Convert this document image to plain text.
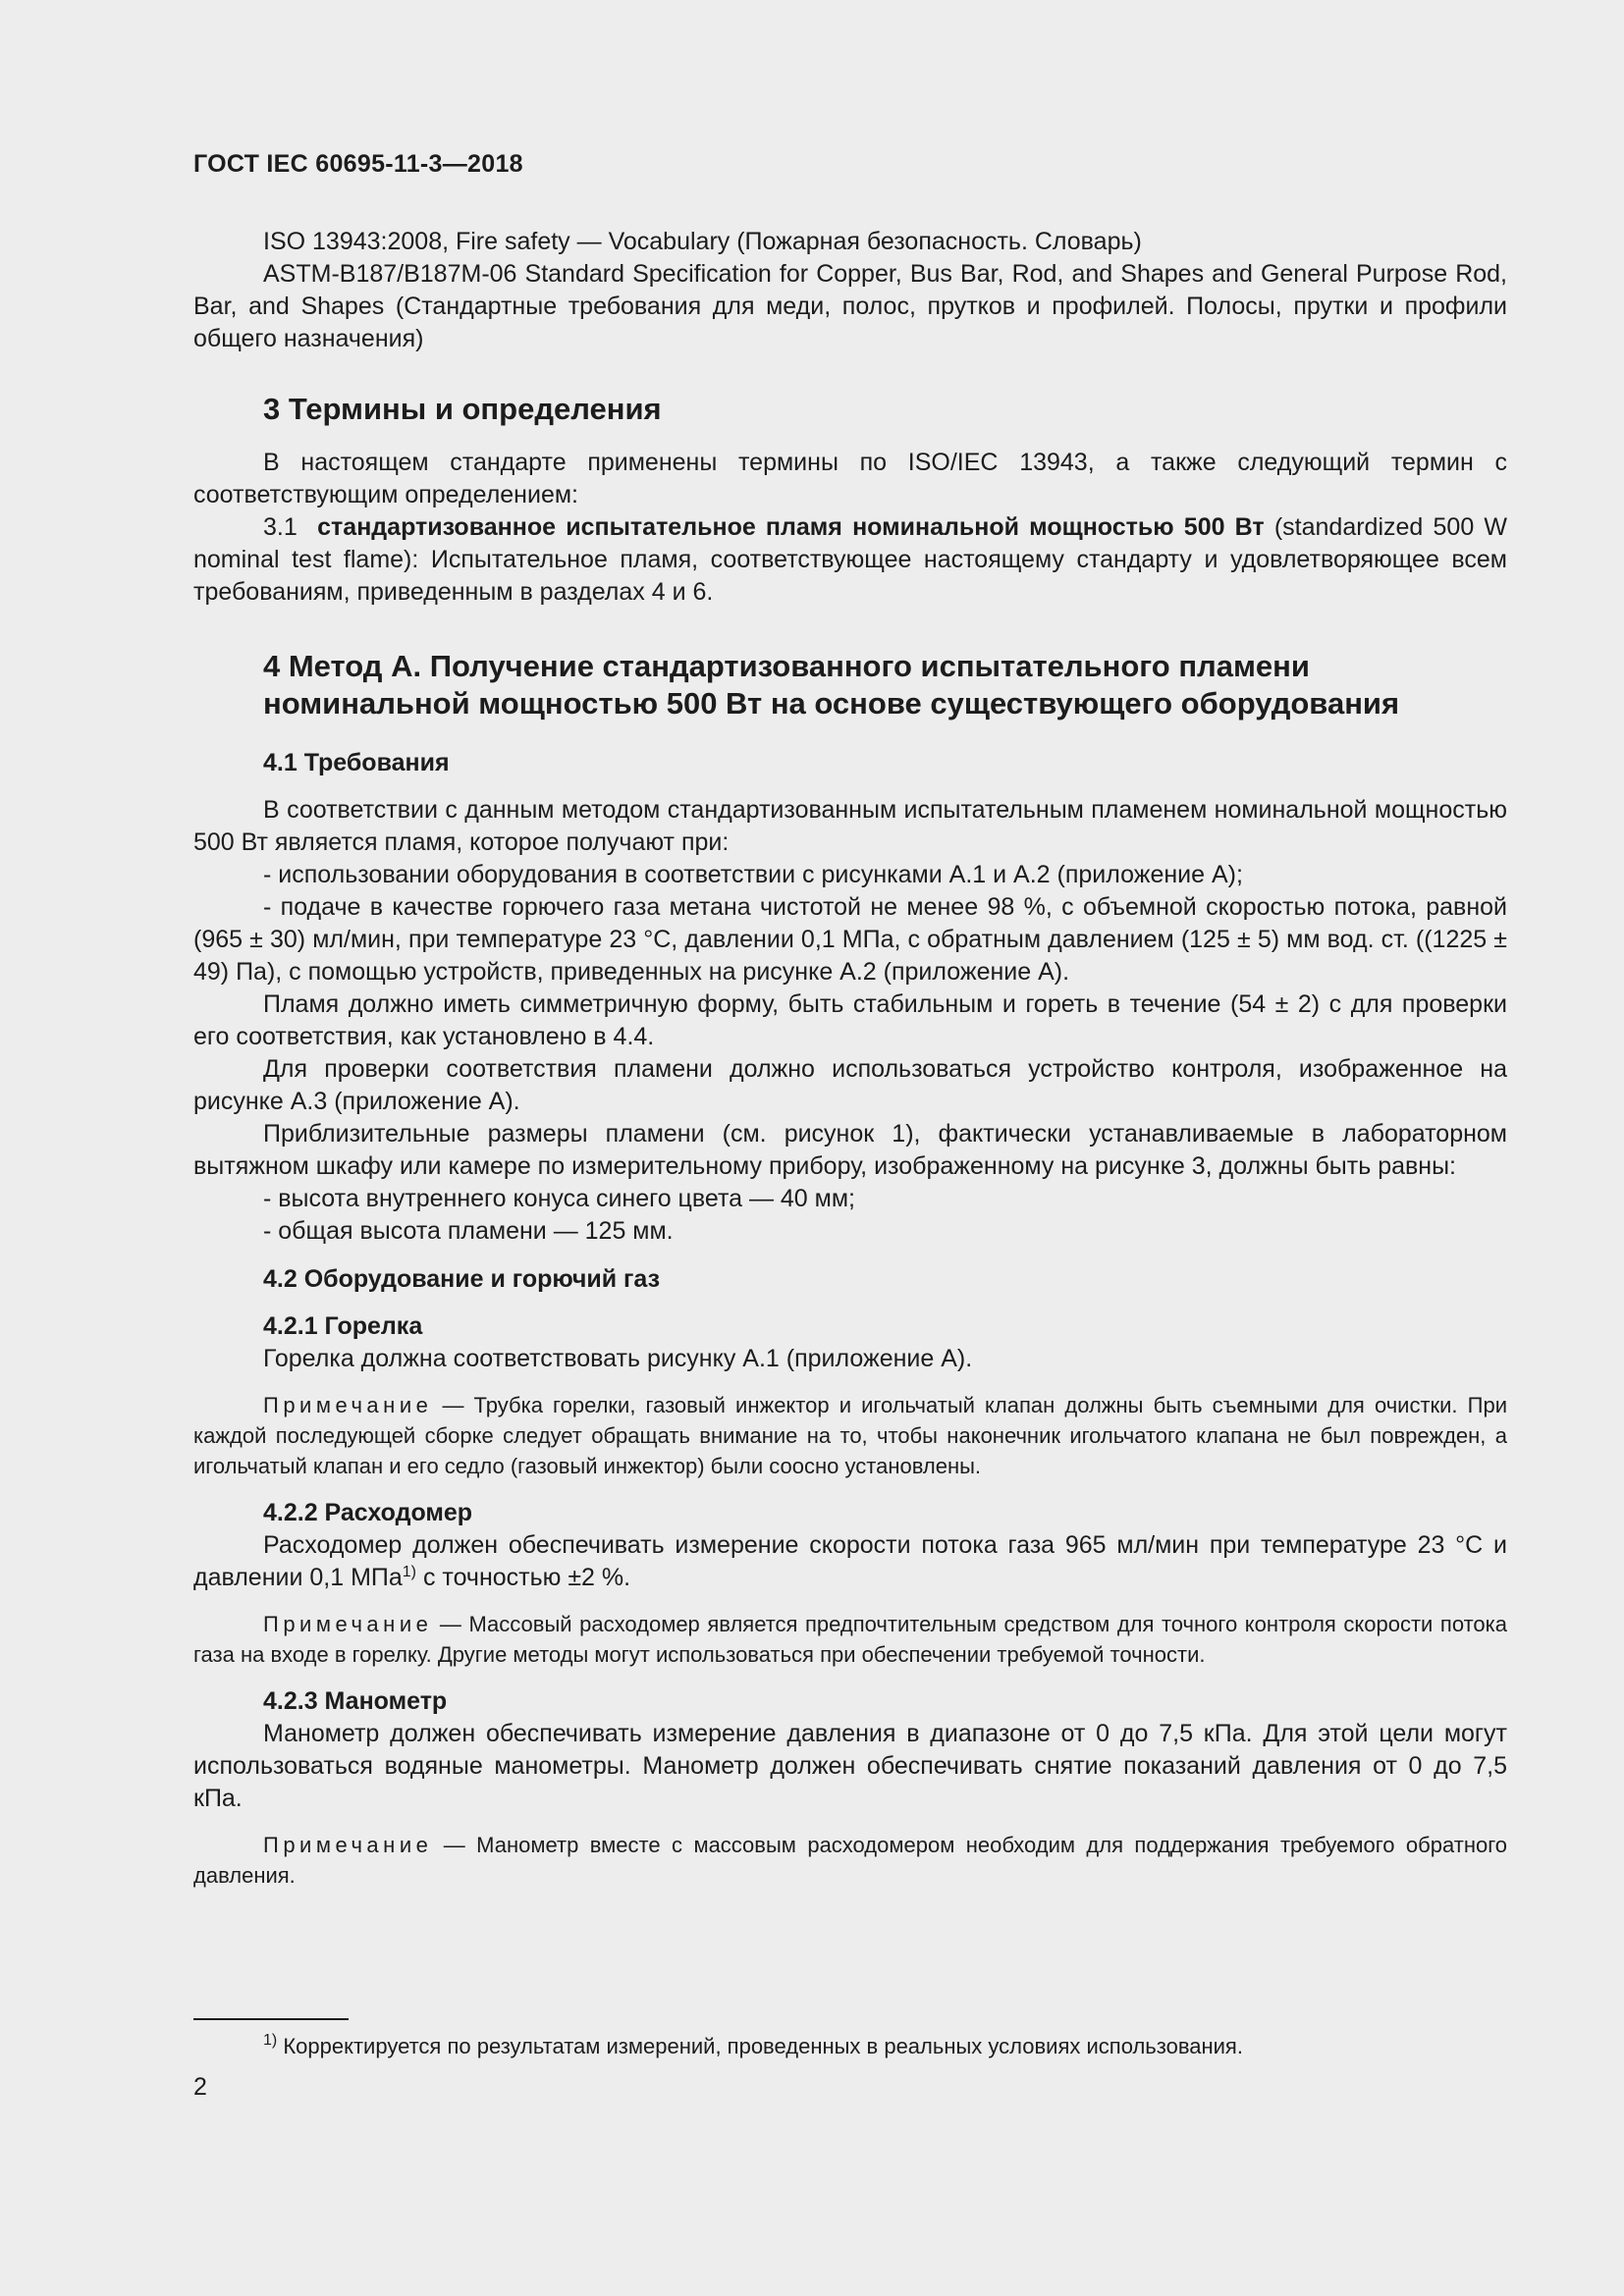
ГОСТ IEC 60695-11-3—2018

ISO 13943:2008, Fire safety — Vocabulary (Пожарная безопасность. Словарь)

ASTM-B187/B187M-06 Standard Specification for Copper, Bus Bar, Rod, and Shapes and General Purpose Rod, Bar, and Shapes (Стандартные требования для меди, полос, прутков и профилей. Полосы, прутки и профили общего назначения)

3 Термины и определения

В настоящем стандарте применены термины по ISO/IEC 13943, а также следующий термин с соответствующим определением:

3.1  стандартизованное испытательное пламя номинальной мощностью 500 Вт (standardized 500 W nominal test flame): Испытательное пламя, соответствующее настоящему стандарту и удовлетворяющее всем требованиям, приведенным в разделах 4 и 6.

4 Метод А. Получение стандартизованного испытательного пламени номинальной мощностью 500 Вт на основе существующего оборудования
4.1 Требования

В соответствии с данным методом стандартизованным испытательным пламенем номинальной мощностью 500 Вт является пламя, которое получают при:

- использовании оборудования в соответствии с рисунками А.1 и А.2 (приложение А);

- подаче в качестве горючего газа метана чистотой не менее 98 %, с объемной скоростью потока, равной (965 ± 30) мл/мин, при температуре 23 °С, давлении 0,1 МПа, с обратным давлением (125 ± 5) мм вод. ст. ((1225 ± 49) Па), с помощью устройств, приведенных на рисунке А.2 (приложение А).

Пламя должно иметь симметричную форму, быть стабильным и гореть в течение (54 ± 2) с для проверки его соответствия, как установлено в 4.4.

Для проверки соответствия пламени должно использоваться устройство контроля, изображенное на рисунке А.3 (приложение А).

Приблизительные размеры пламени (см. рисунок 1), фактически устанавливаемые в лабораторном вытяжном шкафу или камере по измерительному прибору, изображенному на рисунке 3, должны быть равны:

- высота внутреннего конуса синего цвета — 40 мм;

- общая высота пламени — 125 мм.

4.2 Оборудование и горючий газ
4.2.1 Горелка

Горелка должна соответствовать рисунку А.1 (приложение А).

Примечание — Трубка горелки, газовый инжектор и игольчатый клапан должны быть съемными для очистки. При каждой последующей сборке следует обращать внимание на то, чтобы наконечник игольчатого клапана не был поврежден, а игольчатый клапан и его седло (газовый инжектор) были соосно установлены.

4.2.2 Расходомер

Расходомер должен обеспечивать измерение скорости потока газа 965 мл/мин при температуре 23 °С и давлении 0,1 МПа$^{1)}$ с точностью ±2 %.

Примечание — Массовый расходомер является предпочтительным средством для точного контроля скорости потока газа на входе в горелку. Другие методы могут использоваться при обеспечении требуемой точности.

4.2.3 Манометр

Манометр должен обеспечивать измерение давления в диапазоне от 0 до 7,5 кПа. Для этой цели могут использоваться водяные манометры. Манометр должен обеспечивать снятие показаний давления от 0 до 7,5 кПа.

Примечание — Манометр вместе с массовым расходомером необходим для поддержания требуемого обратного давления.

$^{1)}$ Корректируется по результатам измерений, проведенных в реальных условиях использования.
2
